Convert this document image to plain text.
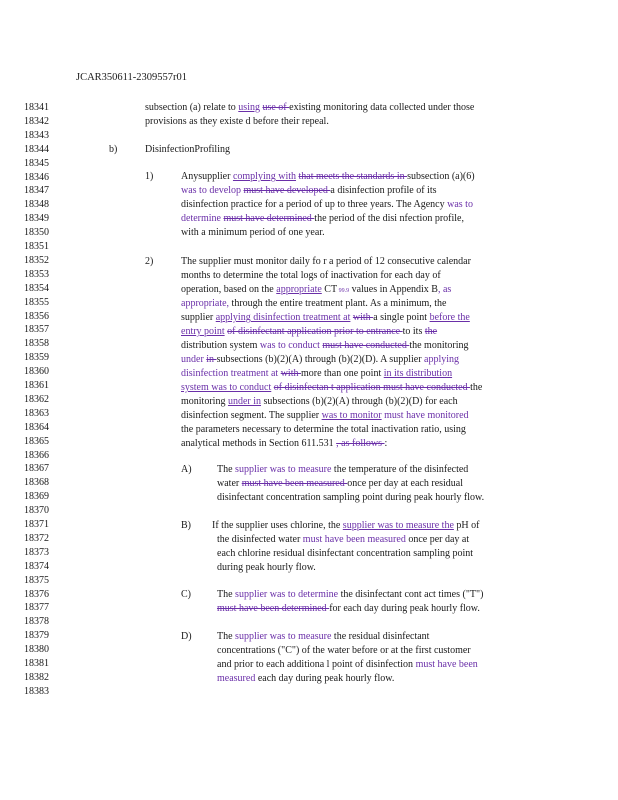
JCAR350611-2309557r01
18341
18342
18343
18344
18345
18346
18347
18348
18349
18350
18351
18352
18353
18354
18355
18356
18357
18358
18359
18360
18361
18362
18363
18364
18365
18366
18367
18368
18369
18370
18371
18372
18373
18374
18375
18376
18377
18378
18379
18380
18381
18382
18383
b)	DisinfectionProfiling
1)
2)
A)
B)
C)
D)
subsection (a) relate to using use of existing monitoring data collected under those
provisions as they existe d before their repeal.
Anysupplier complying with that meets the standards in subsection (a)(6)
was to develop must have developed a disinfection profile of its
disinfection practice for a period of up to three years. The Agency was to
determine must have determined the period of the disi nfection profile,
with a minimum period of one year.
The supplier must monitor daily fo r a period of 12 consecutive calendar
months to determine the total logs of inactivation for each day of
operation, based on the appropriate CT 99.9 values in Appendix B, as
appropriate, through the entire treatment plant. As a minimum, the
supplier applying disinfection treatment at with a single point before the
entry point of disinfectant application prior to entrance to its the
distribution system was to conduct must have conducted the monitoring
under in subsections (b)(2)(A) through (b)(2)(D). A supplier applying
disinfection treatment at with more than one point in its distribution
system was to conduct of disinfectan t application must have conducted the
monitoring under in subsections (b)(2)(A) through (b)(2)(D) for each
disinfection segment. The supplier was to monitor must have monitored
the parameters necessary to determine the total inactivation ratio, using
analytical methods in Section 611.531 , as follows :
The supplier was to measure the temperature of the disinfected
water must have been measured once per day at each residual
disinfectant concentration sampling point during peak hourly flow.
If the supplier uses chlorine, the supplier was to measure the pH of
the disinfected water must have been measured once per day at
each chlorine residual disinfectant concentration sampling point
during peak hourly flow.
The supplier was to determine the disinfectant cont act times ("T")
must have been determined for each day during peak hourly flow.
The supplier was to measure the residual disinfectant
concentrations ("C") of the water before or at the first customer
and prior to each additiona l point of disinfection must have been
measured each day during peak hourly flow.
